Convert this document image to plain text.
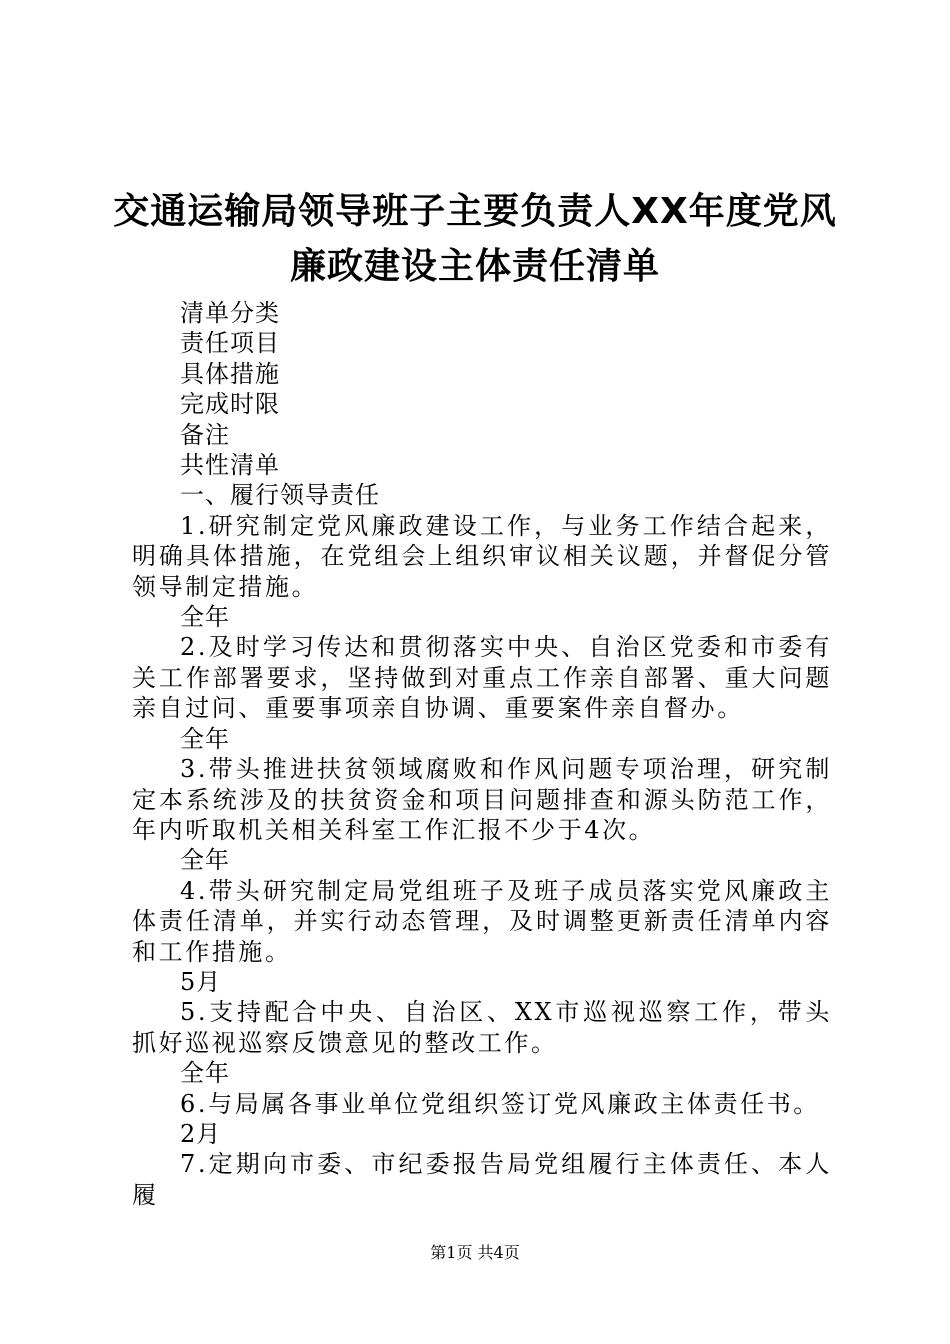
交通运输局领导班子主要负责人XX年度党风
廉政建设主体责任清单
清单分类
责任项目
具体措施
完成时限
备注
共性清单
一、履行领导责任
1.研究制定党风廉政建设工作，与业务工作结合起来，明确具体措施，在党组会上组织审议相关议题，并督促分管领导制定措施。
全年
2.及时学习传达和贯彻落实中央、自治区党委和市委有关工作部署要求，坚持做到对重点工作亲自部署、重大问题亲自过问、重要事项亲自协调、重要案件亲自督办。
全年
3.带头推进扶贫领域腐败和作风问题专项治理，研究制定本系统涉及的扶贫资金和项目问题排查和源头防范工作，年内听取机关相关科室工作汇报不少于4次。
全年
4.带头研究制定局党组班子及班子成员落实党风廉政主体责任清单，并实行动态管理，及时调整更新责任清单内容和工作措施。
5月
5.支持配合中央、自治区、XX市巡视巡察工作，带头抓好巡视巡察反馈意见的整改工作。
全年
6.与局属各事业单位党组织签订党风廉政主体责任书。
2月
7.定期向市委、市纪委报告局党组履行主体责任、本人履
第1页 共4页
